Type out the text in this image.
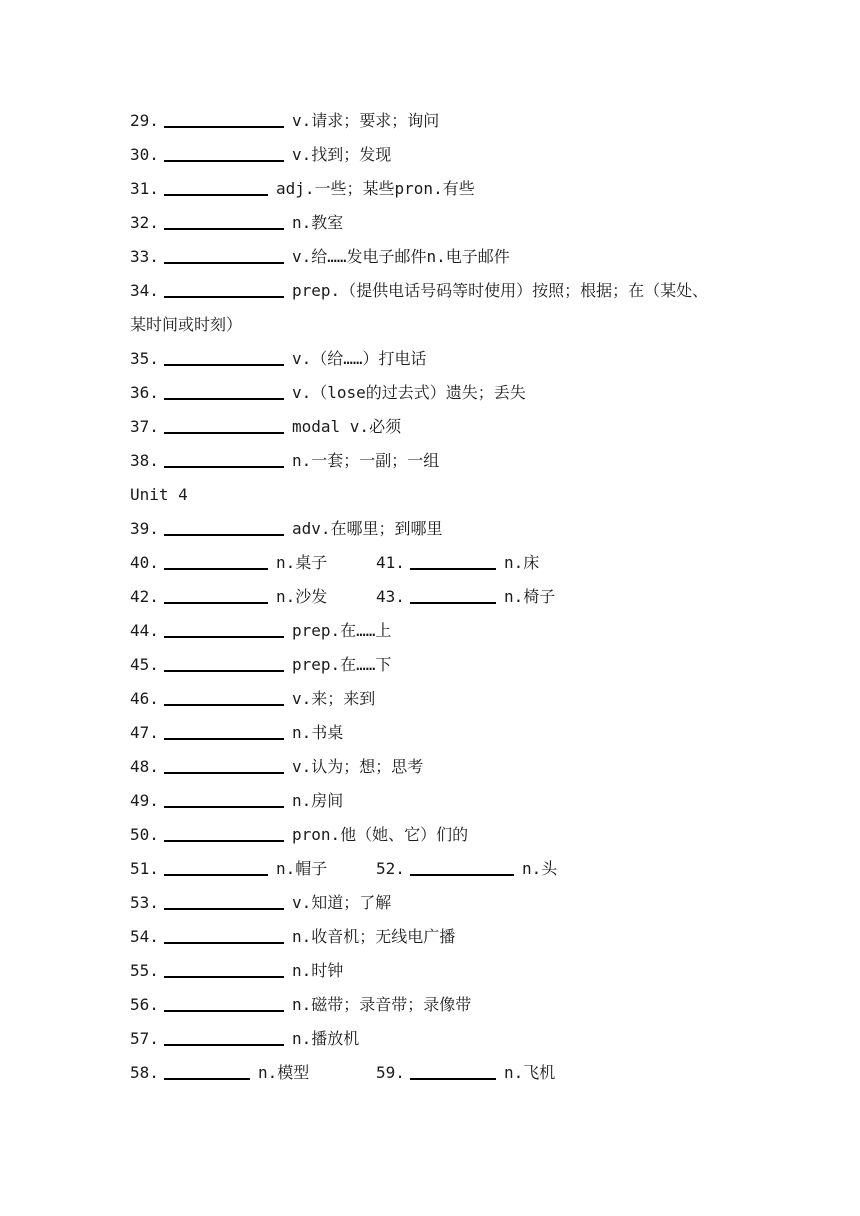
29.	v.请求；要求；询问
30.	v.找到；发现
31.	adj.一些；某些pron.有些
32.	n.教室
33.	v.给……发电子邮件n.电子邮件
34.	prep.（提供电话号码等时使用）按照；根据；在（某处、
某时间或时刻）
35.	v.（给……）打电话
36.	v.（lose的过去式）遗失；丢失
37.	modal v.必须
38.	n.一套；一副；一组
Unit 4
39.	adv.在哪里；到哪里
40.	n.桌子	41.	n.床
42.	n.沙发	43.	n.椅子
44.	prep.在……上
45.	prep.在……下
46.	v.来；来到
47.	n.书桌
48.	v.认为；想；思考
49.	n.房间
50.	pron.他（她、它）们的
51.	n.帽子	52.	n.头
53.	v.知道；了解
54.	n.收音机；无线电广播
55.	n.时钟
56.	n.磁带；录音带；录像带
57.	n.播放机
58.	n.模型	59.	n.飞机
